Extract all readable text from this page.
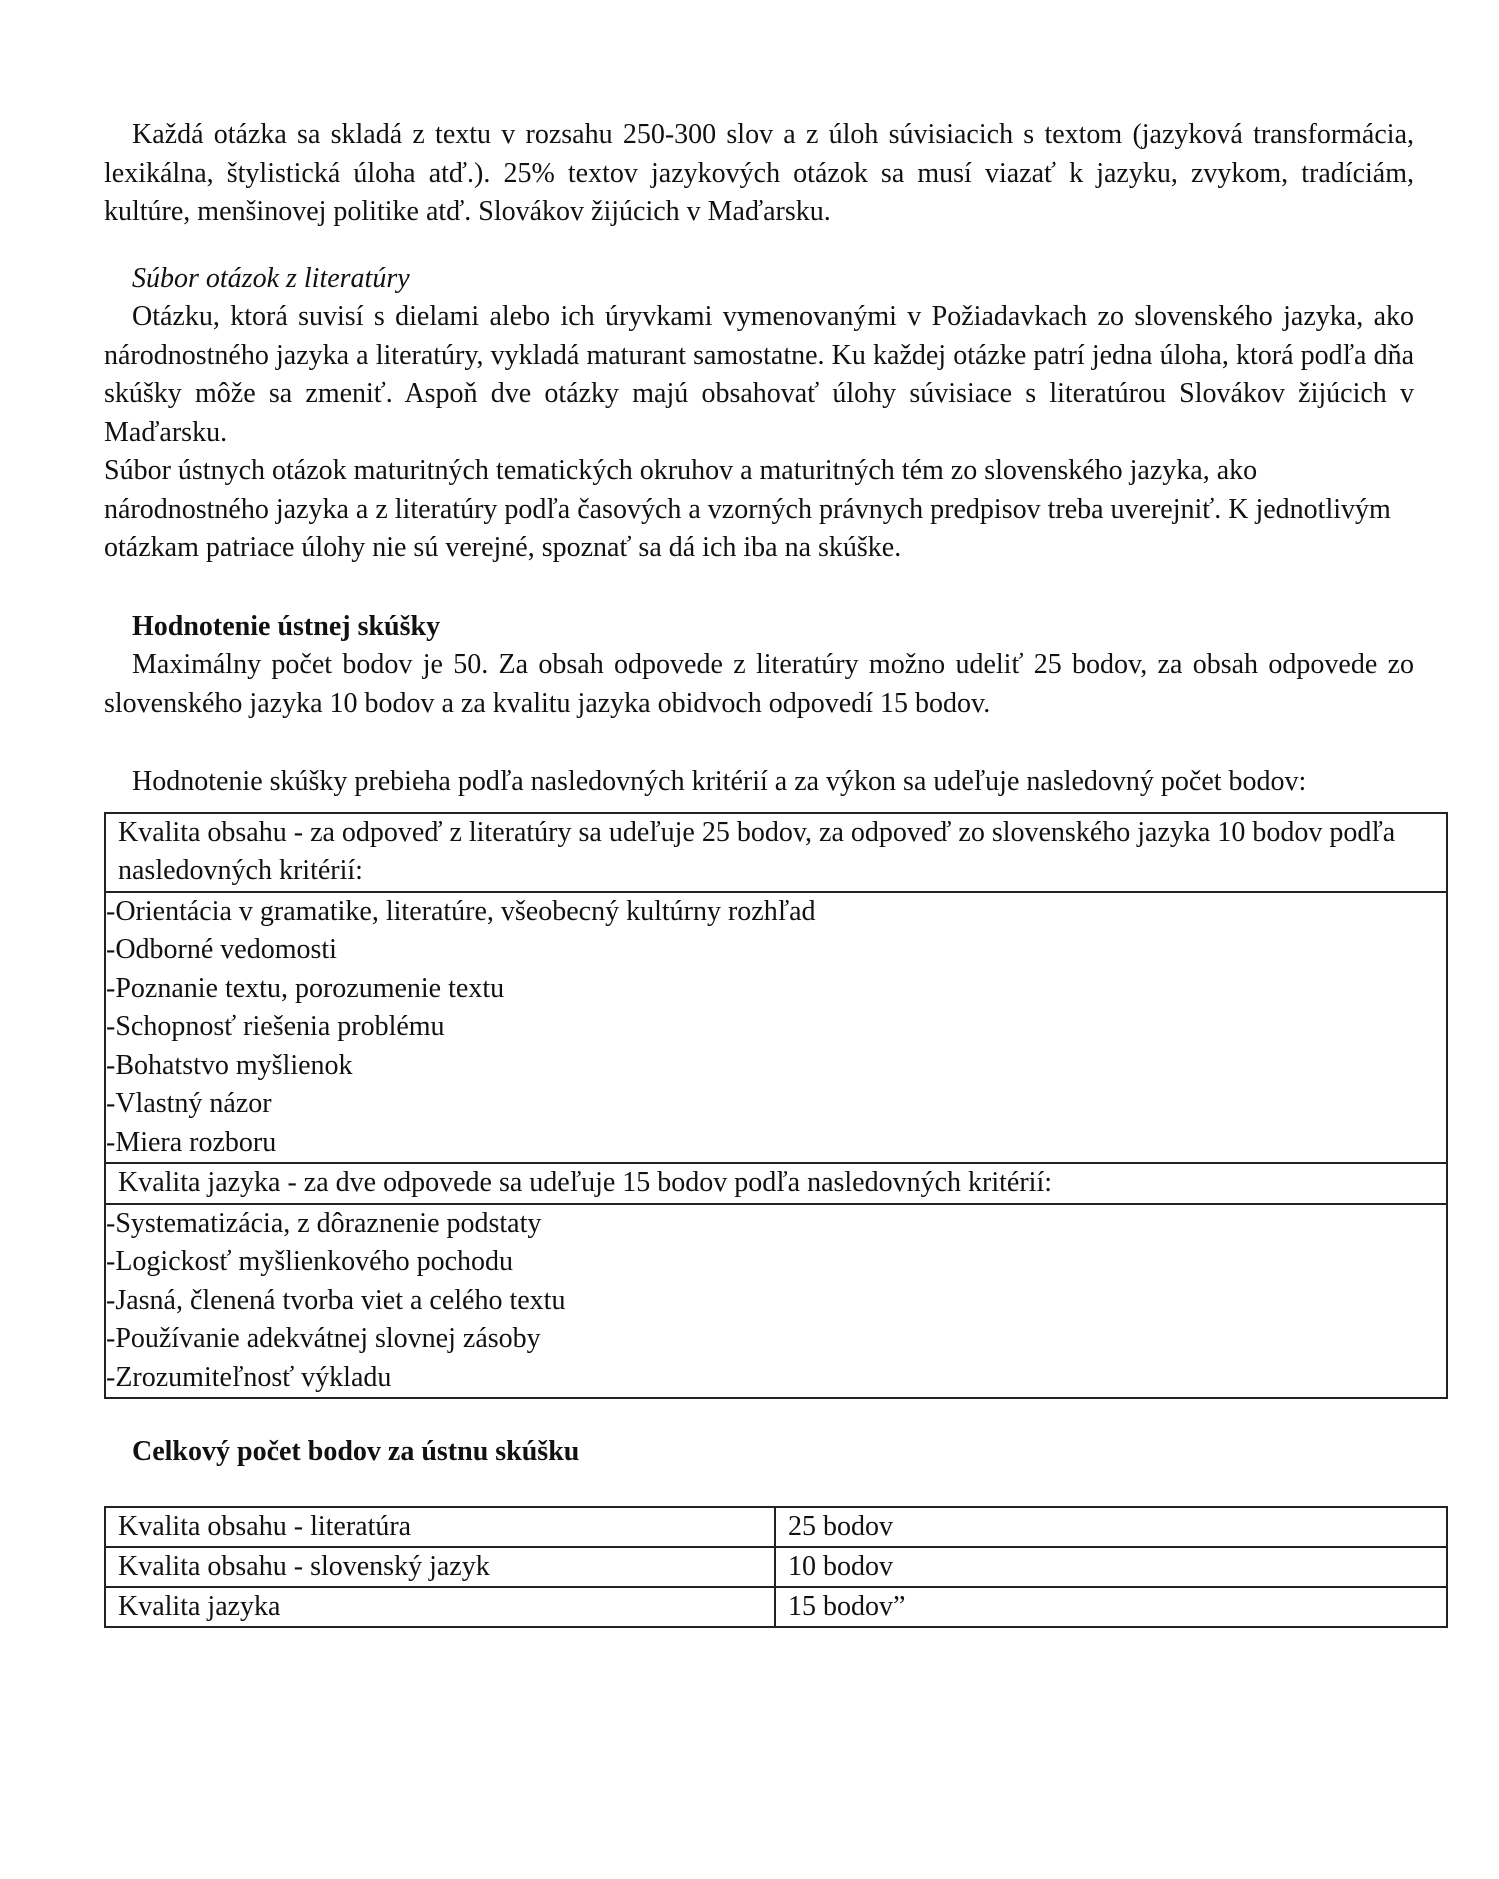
Každá otázka sa skladá z textu v rozsahu 250-300 slov a z úloh súvisiacich s textom (jazyková transformácia, lexikálna, štylistická úloha atď.). 25% textov jazykových otázok sa musí viazať k jazyku, zvykom, tradíciám, kultúre, menšinovej politike atď. Slovákov žijúcich v Maďarsku.

Súbor otázok z literatúry

Otázku, ktorá suvisí s dielami alebo ich úryvkami vymenovanými v Požiadavkach zo slovenského jazyka, ako národnostného jazyka a literatúry, vykladá maturant samostatne. Ku každej otázke patrí jedna úloha, ktorá podľa dňa skúšky môže sa zmeniť. Aspoň dve otázky majú obsahovať úlohy súvisiace s literatúrou Slovákov žijúcich v Maďarsku.

Súbor ústnych otázok maturitných tematických okruhov a maturitných tém zo slovenského jazyka, ako národnostného jazyka a z literatúry podľa časových a vzorných právnych predpisov treba uverejniť. K jednotlivým otázkam patriace úlohy nie sú verejné, spoznať sa dá ich iba na skúške.

Hodnotenie ústnej skúšky

Maximálny počet bodov je 50. Za obsah odpovede z literatúry možno udeliť 25 bodov, za obsah odpovede zo slovenského jazyka 10 bodov a za kvalitu jazyka obidvoch odpovedí 15 bodov.

Hodnotenie skúšky prebieha podľa nasledovných kritérií a za výkon sa udeľuje nasledovný počet bodov:

Kvalita obsahu - za odpoveď z literatúry sa udeľuje 25 bodov, za odpoveď zo slovenského jazyka 10 bodov podľa nasledovných kritérií:

-Orientácia v gramatike, literatúre, všeobecný kultúrny rozhľad
-Odborné vedomosti
-Poznanie textu, porozumenie textu
-Schopnosť riešenia problému
-Bohatstvo myšlienok
-Vlastný názor
-Miera rozboru

Kvalita jazyka - za dve odpovede sa udeľuje 15 bodov podľa nasledovných kritérií:

-Systematizácia, z dôraznenie podstaty
-Logickosť myšlienkového pochodu
-Jasná, členená tvorba viet a celého textu
-Používanie adekvátnej slovnej zásoby
-Zrozumiteľnosť výkladu

Celkový počet bodov za ústnu skúšku

Kvalita obsahu - literatúra	25 bodov
Kvalita obsahu - slovenský jazyk	10 bodov
Kvalita jazyka	15 bodov”
